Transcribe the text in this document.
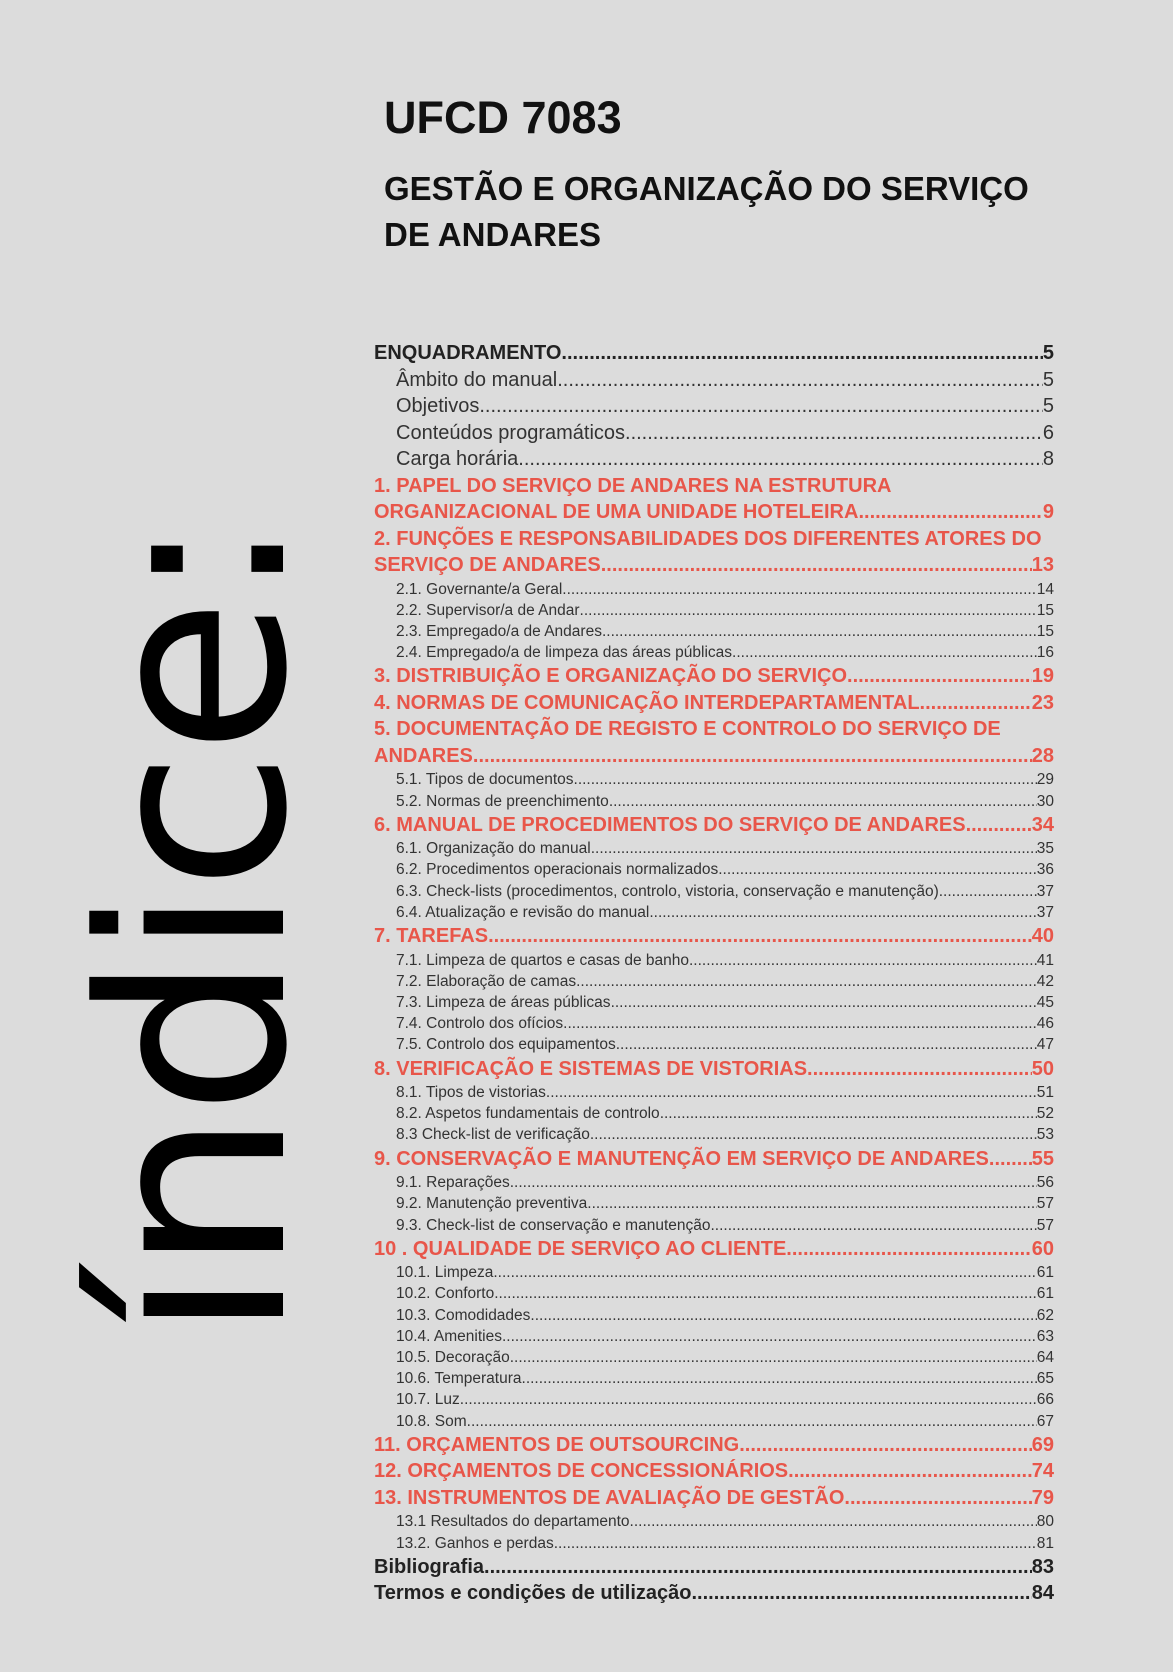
índice:
UFCD 7083
GESTÃO E ORGANIZAÇÃO DO SERVIÇO
DE ANDARES
ENQUADRAMENTO .....	5
Âmbito do manual .....	5
Objetivos .....	5
Conteúdos programáticos .....	6
Carga horária .....	8
1. PAPEL DO SERVIÇO DE ANDARES NA ESTRUTURA
ORGANIZACIONAL DE UMA UNIDADE HOTELEIRA .....	9
2. FUNÇÕES E RESPONSABILIDADES DOS DIFERENTES ATORES DO
SERVIÇO DE ANDARES .....	13
2.1. Governante/a Geral .....	14
2.2. Supervisor/a de Andar .....	15
2.3. Empregado/a de Andares .....	15
2.4. Empregado/a de limpeza das áreas públicas .....	16
3. DISTRIBUIÇÃO E ORGANIZAÇÃO DO SERVIÇO .....	19
4. NORMAS DE COMUNICAÇÃO INTERDEPARTAMENTAL .....	23
5. DOCUMENTAÇÃO DE REGISTO E CONTROLO DO SERVIÇO DE
ANDARES .....	28
5.1. Tipos de documentos .....	29
5.2. Normas de preenchimento .....	30
6. MANUAL DE PROCEDIMENTOS DO SERVIÇO DE ANDARES .....	34
6.1. Organização do manual .....	35
6.2. Procedimentos operacionais normalizados .....	36
6.3. Check-lists (procedimentos, controlo, vistoria, conservação e manutenção) .....	37
6.4. Atualização e revisão do manual .....	37
7. TAREFAS .....	40
7.1. Limpeza de quartos e casas de banho .....	41
7.2. Elaboração de camas .....	42
7.3. Limpeza de áreas públicas .....	45
7.4. Controlo dos ofícios .....	46
7.5. Controlo dos equipamentos .....	47
8. VERIFICAÇÃO E SISTEMAS DE VISTORIAS .....	50
8.1. Tipos de vistorias .....	51
8.2. Aspetos fundamentais de controlo .....	52
8.3 Check-list de verificação .....	53
9. CONSERVAÇÃO E MANUTENÇÃO EM SERVIÇO DE ANDARES ..... 55
9.1. Reparações .....	56
9.2. Manutenção preventiva .....	57
9.3. Check-list de conservação e manutenção .....	57
10 . QUALIDADE DE SERVIÇO AO CLIENTE .....	60
10.1. Limpeza .....	61
10.2. Conforto .....	61
10.3. Comodidades .....	62
10.4. Amenities .....	63
10.5. Decoração .....	64
10.6. Temperatura .....	65
10.7. Luz .....	66
10.8. Som .....	67
11. ORÇAMENTOS DE OUTSOURCING .....	69
12. ORÇAMENTOS DE CONCESSIONÁRIOS .....	74
13. INSTRUMENTOS DE AVALIAÇÃO DE GESTÃO .....	79
13.1 Resultados do departamento .....	80
13.2. Ganhos e perdas .....	81
Bibliografia .....	83
Termos e condições de utilização .....	84
